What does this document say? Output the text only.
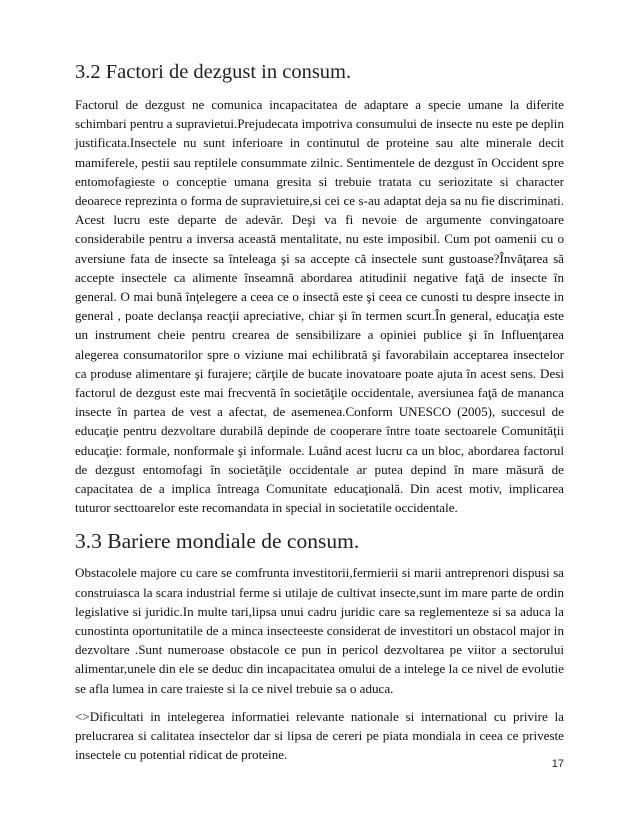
3.2 Factori de dezgust in consum.

Factorul de dezgust ne comunica incapacitatea de adaptare a specie umane la diferite schimbari pentru a supravietui.Prejudecata impotriva consumului de insecte nu este pe deplin justificata.Insectele nu sunt inferioare in continutul de proteine sau alte minerale decit mamiferele, pestii sau reptilele consummate zilnic. Sentimentele de dezgust în Occident spre entomofagieste o conceptie umana gresita si trebuie tratata cu seriozitate si character deoarece reprezinta o forma de supravietuire,si cei ce s-au adaptat deja sa nu fie discriminati. Acest lucru este departe de adevăr. Deşi va fi nevoie de argumente convingatoare considerabile pentru a inversa această mentalitate, nu este imposibil. Cum pot oamenii cu o aversiune fata de insecte sa înteleaga şi sa accepte că insectele sunt gustoase?Învăţarea să accepte insectele ca alimente înseamnă abordarea atitudinii negative faţă de insecte în general. O mai bună înţelegere a ceea ce o insectă este şi ceea ce cunosti tu despre insecte in general , poate declanşa reacţii apreciative, chiar şi în termen scurt.În general, educaţia este un instrument cheie pentru crearea de sensibilizare a opiniei publice şi în Influenţarea alegerea consumatorilor spre o viziune mai echilibrată şi favorabilain acceptarea insectelor ca produse alimentare şi furajere; cărţile de bucate inovatoare poate ajuta în acest sens. Desi factorul de dezgust este mai frecventă în societăţile occidentale, aversiunea faţă de mananca insecte în partea de vest a afectat, de asemenea.Conform UNESCO (2005), succesul de educaţie pentru dezvoltare durabilă depinde de cooperare între toate sectoarele Comunităţii educaţie: formale, nonformale şi informale. Luând acest lucru ca un bloc, abordarea factorul de dezgust entomofagi în societăţile occidentale ar putea depind în mare măsură de capacitatea de a implica întreaga Comunitate educaţională. Din acest motiv, implicarea tuturor secttoarelor este recomandata in special in societatile occidentale.

3.3 Bariere mondiale de consum.

Obstacolele majore cu care se comfrunta investitorii,fermierii si marii antreprenori dispusi sa construiasca la scara industrial ferme si utilaje de cultivat insecte,sunt im mare parte de ordin legislative si juridic.In multe tari,lipsa unui cadru juridic care sa reglementeze si sa aduca la cunostinta oportunitatile de a minca insecteeste considerat de investitori un obstacol major in dezvoltare .Sunt numeroase obstacole ce pun in pericol dezvoltarea pe viitor a sectorului alimentar,unele din ele se deduc din incapacitatea omului de a intelege la ce nivel de evolutie se afla lumea in care traieste si la ce nivel trebuie sa o aduca.

<>Dificultati in intelegerea informatiei relevante nationale si international cu privire la prelucrarea si calitatea insectelor dar si lipsa de cereri pe piata mondiala in ceea ce priveste insectele cu potential ridicat de proteine.

17
